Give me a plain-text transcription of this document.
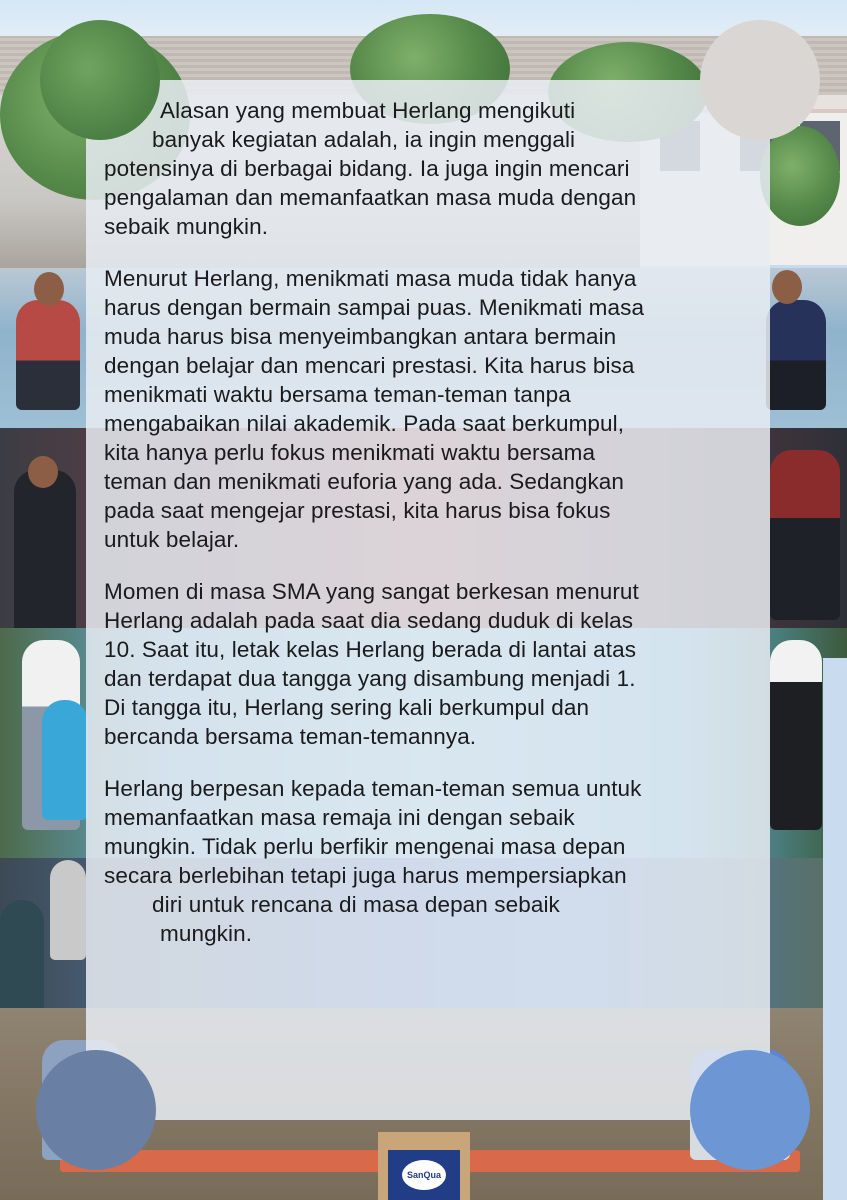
SanQua

Alasan yang membuat Herlang mengikuti
banyak kegiatan adalah, ia ingin menggali
potensinya di berbagai bidang. Ia juga ingin mencari
pengalaman dan memanfaatkan masa muda dengan
sebaik mungkin.

Menurut Herlang, menikmati masa muda tidak hanya
harus dengan bermain sampai puas. Menikmati masa
muda harus bisa menyeimbangkan antara bermain
dengan belajar dan mencari prestasi. Kita harus bisa
menikmati waktu bersama teman-teman tanpa
mengabaikan nilai akademik. Pada saat berkumpul,
kita hanya perlu fokus menikmati waktu bersama
teman dan menikmati euforia yang ada. Sedangkan
pada saat mengejar prestasi, kita harus bisa fokus
untuk belajar.

Momen di masa SMA yang sangat berkesan menurut
Herlang adalah pada saat dia sedang duduk di kelas
10. Saat itu, letak kelas Herlang berada di lantai atas
dan terdapat dua tangga yang disambung menjadi 1.
Di tangga itu, Herlang sering kali berkumpul dan
bercanda bersama teman-temannya.

Herlang berpesan kepada teman-teman semua untuk
memanfaatkan masa remaja ini dengan sebaik
mungkin. Tidak perlu berfikir mengenai masa depan
secara berlebihan tetapi juga harus mempersiapkan
diri untuk rencana di masa depan sebaik
mungkin.
